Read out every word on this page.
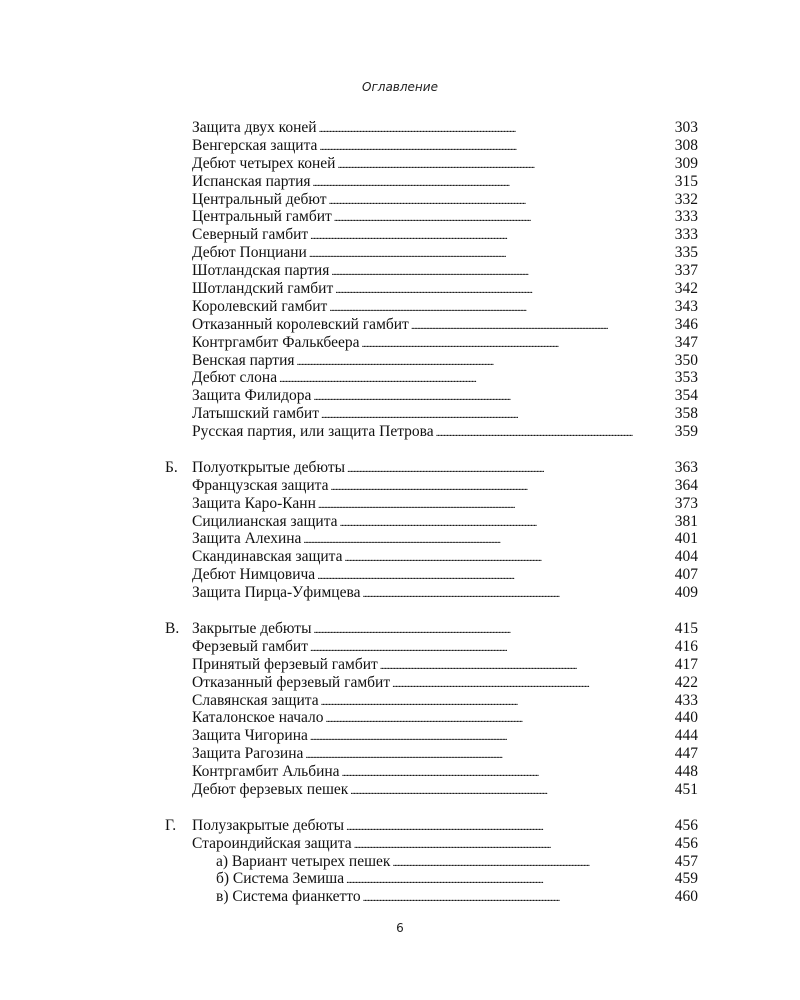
Оглавление
Защита двух коней . . .	303
Венгерская защита . . .	308
Дебют четырех коней . . .	309
Испанская партия . . .	315
Центральный дебют . . .	332
Центральный гамбит . . .	333
Северный гамбит . . .	333
Дебют Понциани . . .	335
Шотландская партия . . .	337
Шотландский гамбит . . .	342
Королевский гамбит . . .	343
Отказанный королевский гамбит . . .	346
Контргамбит Фалькбеера . . .	347
Венская партия . . .	350
Дебют слона . . .	353
Защита Филидора . . .	354
Латышский гамбит . . .	358
Русская партия, или защита Петрова . . .	359
Б. Полуоткрытые дебюты . . .	363
Французская защита . . .	364
Защита Каро-Канн . . .	373
Сицилианская защита . . .	381
Защита Алехина . . .	401
Скандинавская защита . . .	404
Дебют Нимцовича . . .	407
Защита Пирца-Уфимцева . . .	409
В. Закрытые дебюты . . .	415
Ферзевый гамбит . . .	416
Принятый ферзевый гамбит . . .	417
Отказанный ферзевый гамбит . . .	422
Славянская защита . . .	433
Каталонское начало . . .	440
Защита Чигорина . . .	444
Защита Рагозина . . .	447
Контргамбит Альбина . . .	448
Дебют ферзевых пешек . . .	451
Г.	Полузакрытые дебюты . . .	456
Староиндийская защита . . .	456
а) Вариант четырех пешек . . .	457
б) Система Земиша . . .	459
в) Система фианкетто . . .	460
6
